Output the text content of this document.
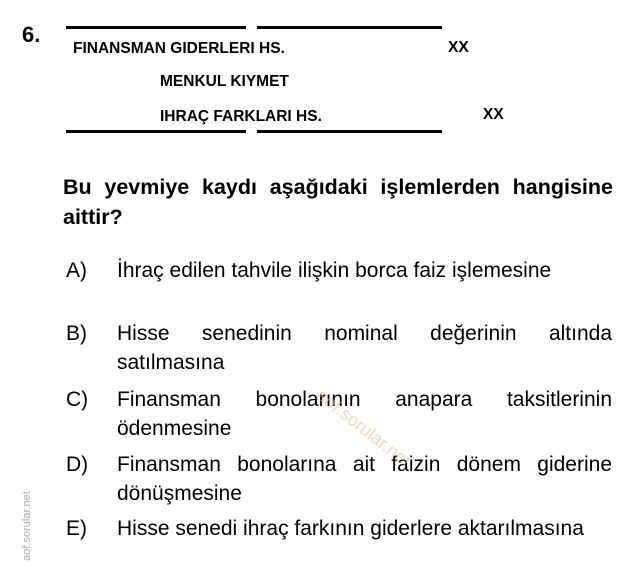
6.
FINANSMAN GIDERLERI HS.	XX
MENKUL KIYMET
IHRAÇ FARKLARI HS.	XX
Bu yevmiye kaydı aşağıdaki işlemlerden hangisine aittir?
A)	İhraç edilen tahvile ilişkin borca faiz işlemesine
B)	Hisse senedinin nominal değerinin altında satılmasına
C)	Finansman bonolarının anapara taksitlerinin ödenmesine
D)	Finansman bonolarına ait faizin dönem giderine dönüşmesine
E)	Hisse senedi ihraç farkının giderlere aktarılmasına
aof.sorular.net
aof.sorular.net
